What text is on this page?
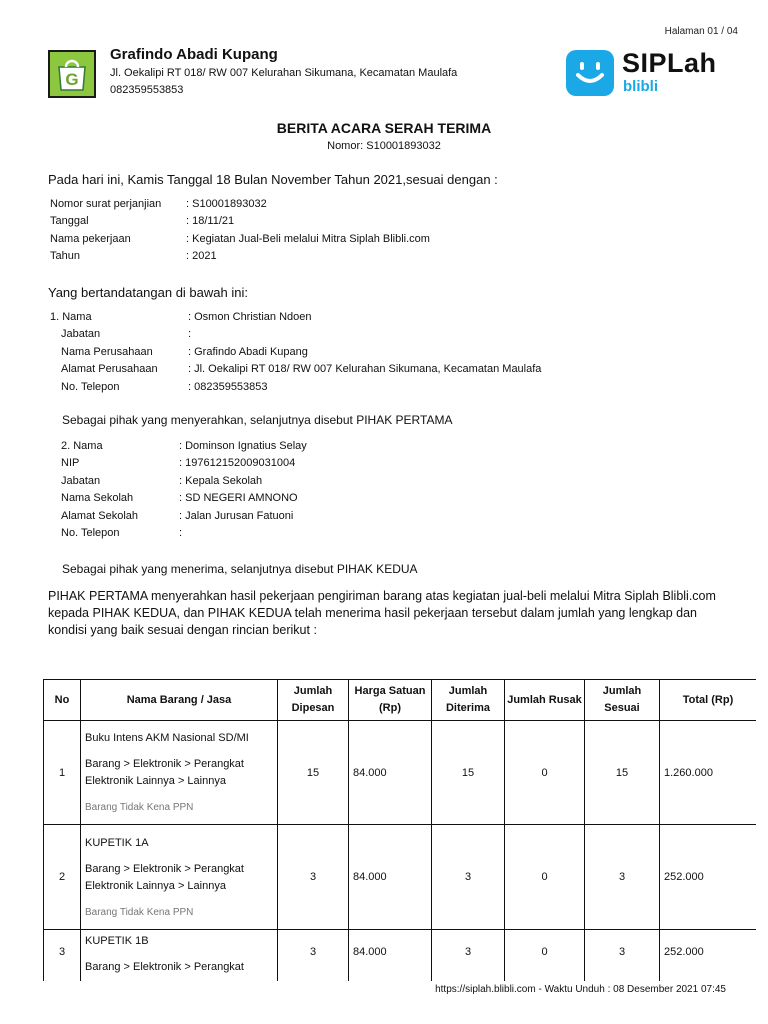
Halaman 01 / 04
G
Grafindo Abadi Kupang
Jl. Oekalipi RT 018/ RW 007 Kelurahan Sikumana, Kecamatan Maulafa
082359553853
SIPLah
blibli
BERITA ACARA SERAH TERIMA
Nomor: S10001893032
Pada hari ini, Kamis Tanggal 18 Bulan November Tahun 2021,sesuai dengan :
Nomor surat perjanjian	: S10001893032
Tanggal	: 18/11/21
Nama pekerjaan	: Kegiatan Jual-Beli melalui Mitra Siplah Blibli.com
Tahun	: 2021
Yang bertandatangan di bawah ini:
1. Nama	: Osmon Christian Ndoen
Jabatan	:
Nama Perusahaan	: Grafindo Abadi Kupang
Alamat Perusahaan	: Jl. Oekalipi RT 018/ RW 007 Kelurahan Sikumana, Kecamatan Maulafa
No. Telepon	: 082359553853
Sebagai pihak yang menyerahkan, selanjutnya disebut PIHAK PERTAMA
2. Nama	: Dominson Ignatius Selay
NIP	: 197612152009031004
Jabatan	: Kepala Sekolah
Nama Sekolah	: SD NEGERI AMNONO
Alamat Sekolah	: Jalan Jurusan Fatuoni
No. Telepon	:
Sebagai pihak yang menerima, selanjutnya disebut PIHAK KEDUA
PIHAK PERTAMA menyerahkan hasil pekerjaan pengiriman barang atas kegiatan jual-beli melalui Mitra Siplah Blibli.com kepada PIHAK KEDUA, dan PIHAK KEDUA telah menerima hasil pekerjaan tersebut dalam jumlah yang lengkap dan kondisi yang baik sesuai dengan rincian berikut :
No	Nama Barang / Jasa	Jumlah Dipesan	Harga Satuan (Rp)	Jumlah Diterima	Jumlah Rusak	Jumlah Sesuai	Total (Rp)
1	Buku Intens AKM Nasional SD/MI
Barang > Elektronik > Perangkat Elektronik Lainnya > Lainnya
Barang Tidak Kena PPN	15	84.000	15	0	15	1.260.000
2	KUPETIK 1A
Barang > Elektronik > Perangkat Elektronik Lainnya > Lainnya
Barang Tidak Kena PPN	3	84.000	3	0	3	252.000
3	KUPETIK 1B
Barang > Elektronik > Perangkat	3	84.000	3	0	3	252.000
https://siplah.blibli.com - Waktu Unduh : 08 Desember 2021 07:45
